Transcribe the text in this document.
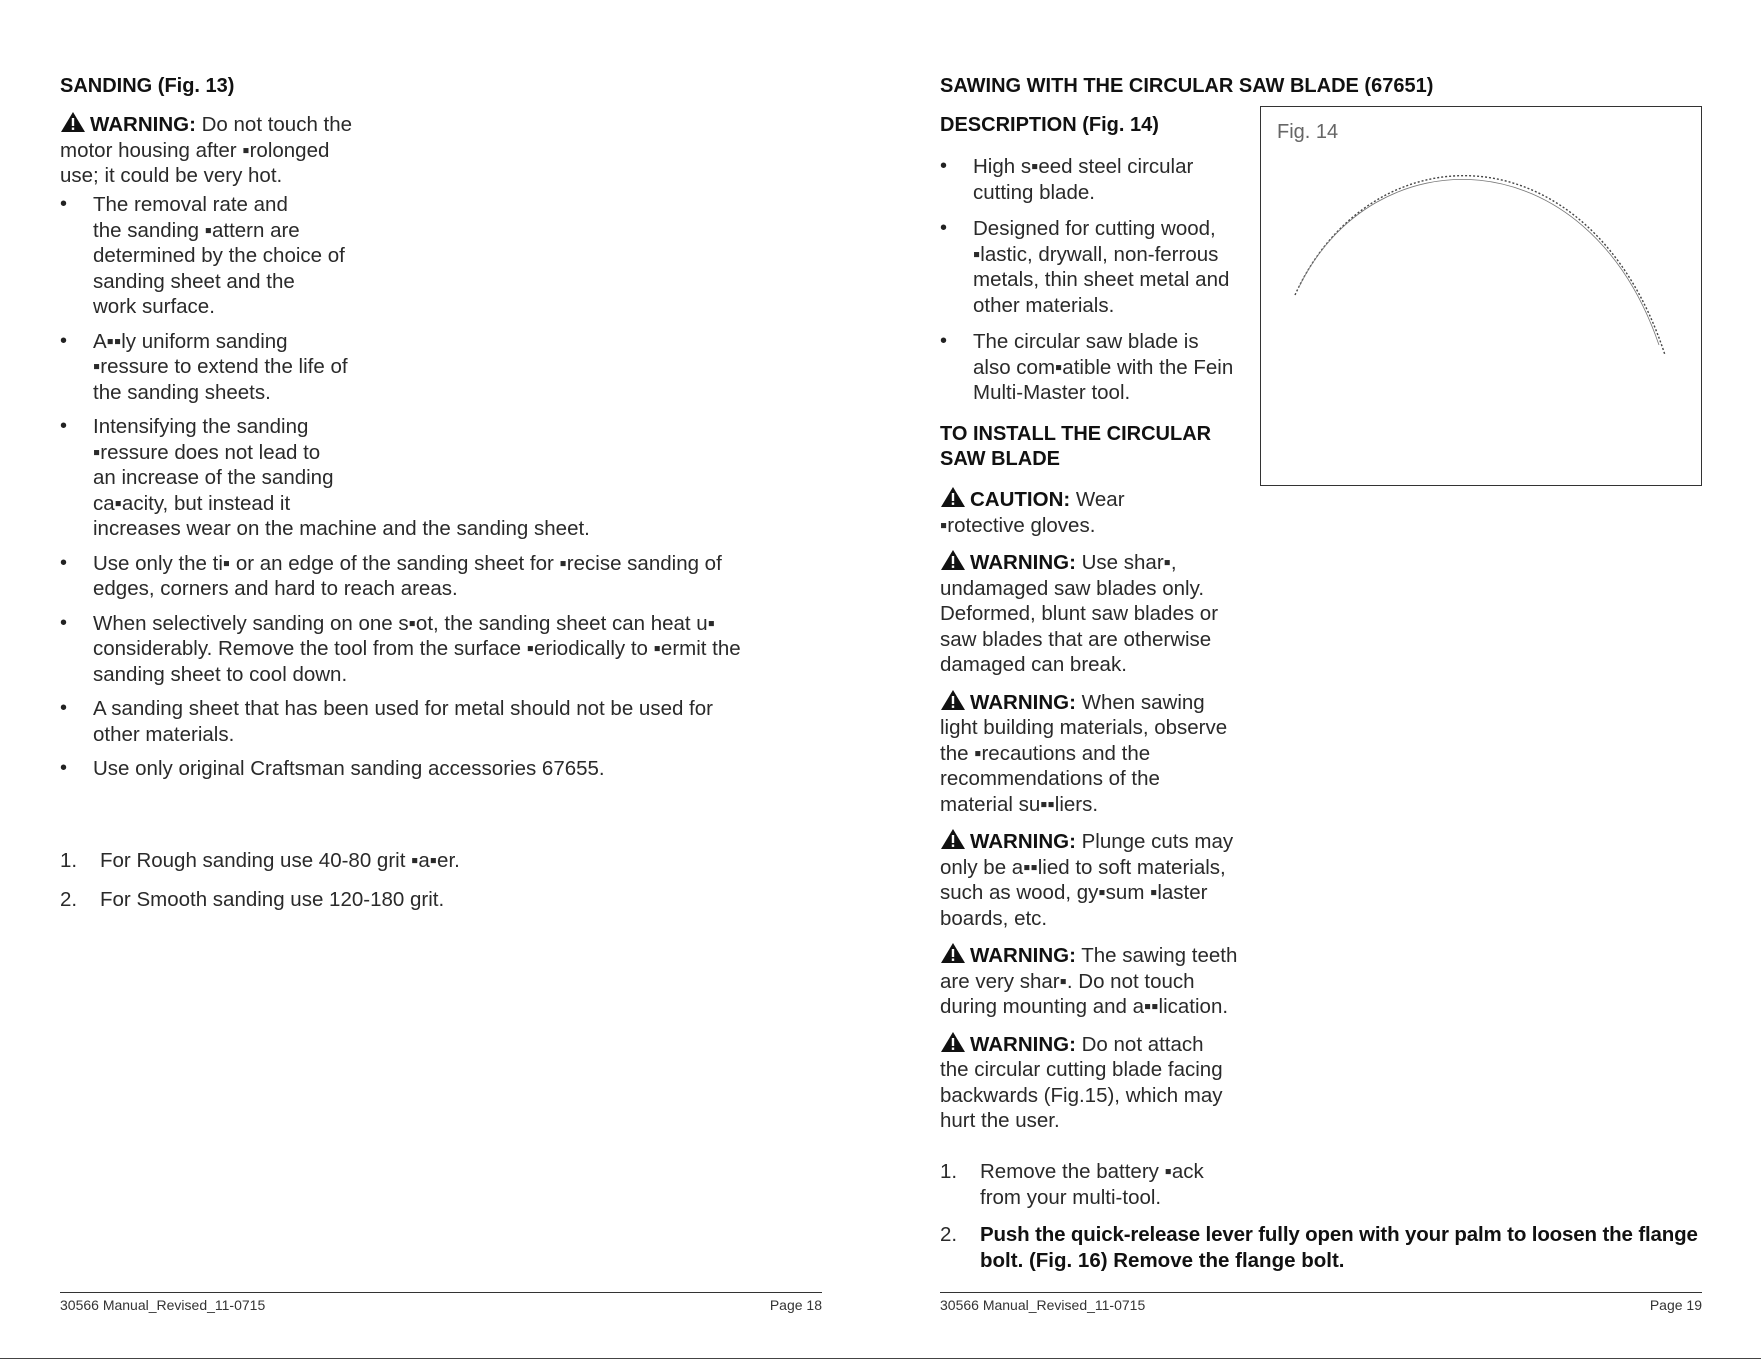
SANDING (Fig. 13)
WARNING: Do not touch the
motor housing after ▪rolonged
use; it could be very hot.
• The removal rate and
the sanding ▪attern are
determined by the choice of
sanding sheet and the
work surface.
• A▪▪ly uniform sanding
▪ressure to extend the life of
the sanding sheets.
• Intensifying the sanding
▪ressure does not lead to
an increase of the sanding
ca▪acity, but instead it
increases wear on the machine and the sanding sheet.
• Use only the ti▪ or an edge of the sanding sheet for ▪recise sanding of
edges, corners and hard to reach areas.
• When selectively sanding on one s▪ot, the sanding sheet can heat u▪
considerably. Remove the tool from the surface ▪eriodically to ▪ermit the
sanding sheet to cool down.
• A sanding sheet that has been used for metal should not be used for
other materials.
• Use only original Craftsman sanding accessories 67655.
1. For Rough sanding use 40-80 grit ▪a▪er.
2. For Smooth sanding use 120-180 grit.
30566 Manual_Revised_11-0715	Page 18
SAWING WITH THE CIRCULAR SAW BLADE (67651)
DESCRIPTION (Fig. 14)
• High s▪eed steel circular
cutting blade.
• Designed for cutting wood,
▪lastic, drywall, non-ferrous
metals, thin sheet metal and
other materials.
• The circular saw blade is
also com▪atible with the Fein
Multi-Master tool.
TO INSTALL THE CIRCULAR
SAW BLADE
CAUTION: Wear
▪rotective gloves.
WARNING: Use shar▪,
undamaged saw blades only.
Deformed, blunt saw blades or
saw blades that are otherwise
damaged can break.
WARNING: When sawing
light building materials, observe
the ▪recautions and the
recommendations of the
material su▪▪liers.
WARNING: Plunge cuts may
only be a▪▪lied to soft materials,
such as wood, gy▪sum ▪laster
boards, etc.
WARNING: The sawing teeth
are very shar▪. Do not touch
during mounting and a▪▪lication.
WARNING: Do not attach
the circular cutting blade facing
backwards (Fig.15), which may
hurt the user.
1. Remove the battery ▪ack
from your multi-tool.
2. Push the quick-release lever fully open with your palm to loosen the flange
bolt. (Fig. 16) Remove the flange bolt.
Fig. 14
30566 Manual_Revised_11-0715	Page 19
